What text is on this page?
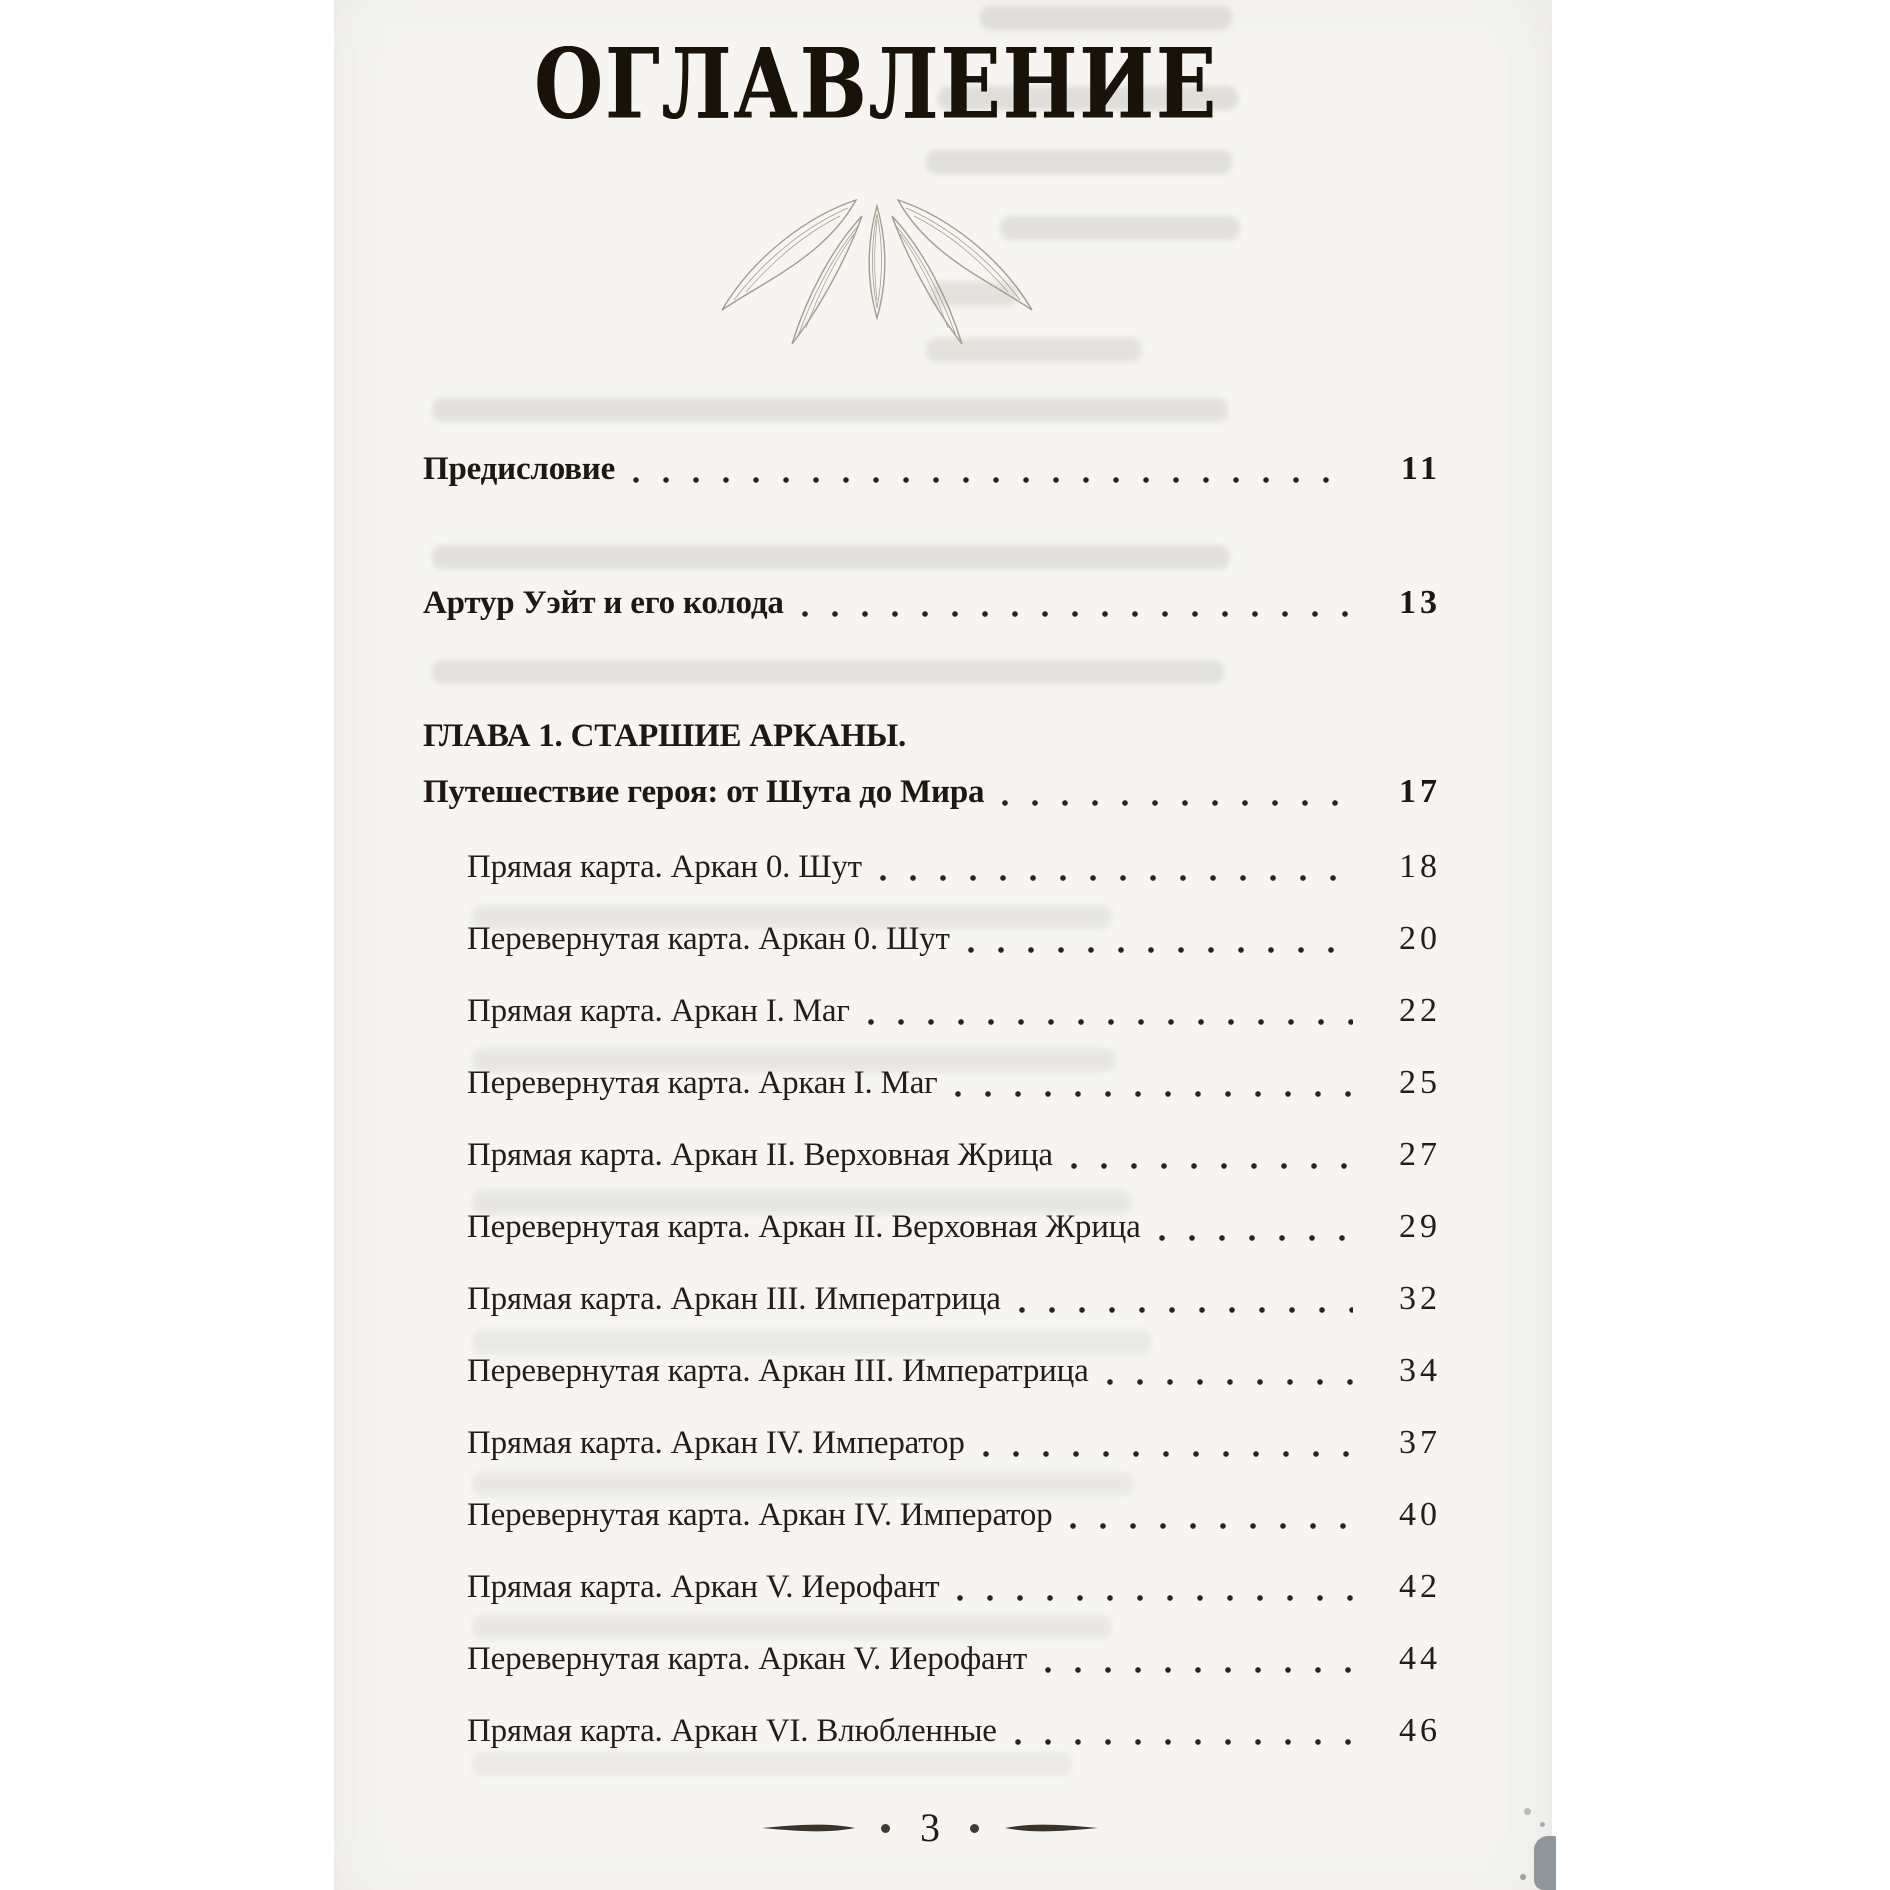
ОГЛАВЛЕНИЕ
Предисловие	11
Артур Уэйт и его колода	13
ГЛАВА 1. СТАРШИЕ АРКАНЫ.
Путешествие героя: от Шута до Мира	17
Прямая карта. Аркан 0. Шут	18
Перевернутая карта. Аркан 0. Шут	20
Прямая карта. Аркан I. Маг	22
Перевернутая карта. Аркан I. Маг	25
Прямая карта. Аркан II. Верховная Жрица	27
Перевернутая карта. Аркан II. Верховная Жрица	29
Прямая карта. Аркан III. Императрица	32
Перевернутая карта. Аркан III. Императрица	34
Прямая карта. Аркан IV. Император	37
Перевернутая карта. Аркан IV. Император	40
Прямая карта. Аркан V. Иерофант	42
Перевернутая карта. Аркан V. Иерофант	44
Прямая карта. Аркан VI. Влюбленные	46
3
